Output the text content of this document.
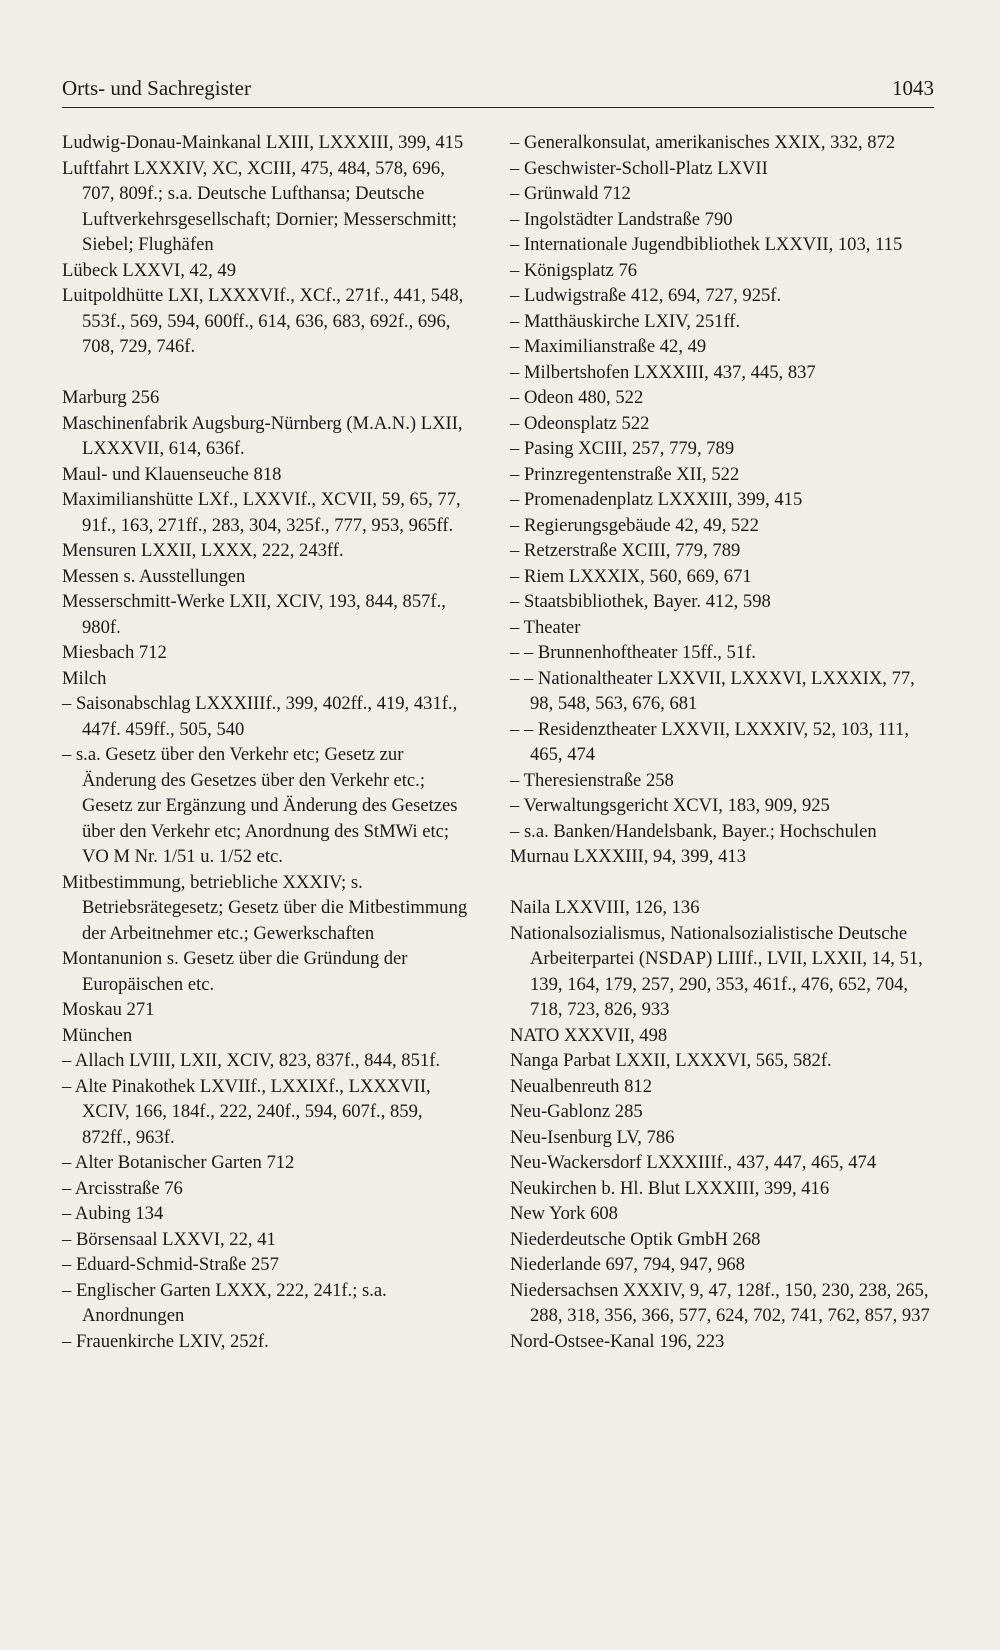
Orts- und Sachregister	1043
Ludwig-Donau-Mainkanal LXIII, LXXXIII, 399, 415
Luftfahrt LXXXIV, XC, XCIII, 475, 484, 578, 696, 707, 809f.; s.a. Deutsche Lufthansa; Deutsche Luftverkehrsgesellschaft; Dornier; Messerschmitt; Siebel; Flughäfen
Lübeck LXXVI, 42, 49
Luitpoldhütte LXI, LXXXVIf., XCf., 271f., 441, 548, 553f., 569, 594, 600ff., 614, 636, 683, 692f., 696, 708, 729, 746f.
Marburg 256
Maschinenfabrik Augsburg-Nürnberg (M.A.N.) LXII, LXXXVII, 614, 636f.
Maul- und Klauenseuche 818
Maximilianshütte LXf., LXXVIf., XCVII, 59, 65, 77, 91f., 163, 271ff., 283, 304, 325f., 777, 953, 965ff.
Mensuren LXXII, LXXX, 222, 243ff.
Messen s. Ausstellungen
Messerschmitt-Werke LXII, XCIV, 193, 844, 857f., 980f.
Miesbach 712
Milch
– Saisonabschlag LXXXIIIf., 399, 402ff., 419, 431f., 447f. 459ff., 505, 540
– s.a. Gesetz über den Verkehr etc; Gesetz zur Änderung des Gesetzes über den Verkehr etc.; Gesetz zur Ergänzung und Änderung des Gesetzes über den Verkehr etc; Anordnung des StMWi etc; VO M Nr. 1/51 u. 1/52 etc.
Mitbestimmung, betriebliche XXXIV; s. Betriebsrätegesetz; Gesetz über die Mitbestimmung der Arbeitnehmer etc.; Gewerkschaften
Montanunion s. Gesetz über die Gründung der Europäischen etc.
Moskau 271
München
– Allach LVIII, LXII, XCIV, 823, 837f., 844, 851f.
– Alte Pinakothek LXVIIf., LXXIXf., LXXXVII, XCIV, 166, 184f., 222, 240f., 594, 607f., 859, 872ff., 963f.
– Alter Botanischer Garten 712
– Arcisstraße 76
– Aubing 134
– Börsensaal LXXVI, 22, 41
– Eduard-Schmid-Straße 257
– Englischer Garten LXXX, 222, 241f.; s.a. Anordnungen
– Frauenkirche LXIV, 252f.
– Generalkonsulat, amerikanisches XXIX, 332, 872
– Geschwister-Scholl-Platz LXVII
– Grünwald 712
– Ingolstädter Landstraße 790
– Internationale Jugendbibliothek LXXVII, 103, 115
– Königsplatz 76
– Ludwigstraße 412, 694, 727, 925f.
– Matthäuskirche LXIV, 251ff.
– Maximilianstraße 42, 49
– Milbertshofen LXXXIII, 437, 445, 837
– Odeon 480, 522
– Odeonsplatz 522
– Pasing XCIII, 257, 779, 789
– Prinzregentenstraße XII, 522
– Promenadenplatz LXXXIII, 399, 415
– Regierungsgebäude 42, 49, 522
– Retzerstraße XCIII, 779, 789
– Riem LXXXIX, 560, 669, 671
– Staatsbibliothek, Bayer. 412, 598
– Theater
– – Brunnenhoftheater 15ff., 51f.
– – Nationaltheater LXXVII, LXXXVI, LXXXIX, 77, 98, 548, 563, 676, 681
– – Residenztheater LXXVII, LXXXIV, 52, 103, 111, 465, 474
– Theresienstraße 258
– Verwaltungsgericht XCVI, 183, 909, 925
– s.a. Banken/Handelsbank, Bayer.; Hochschulen
Murnau LXXXIII, 94, 399, 413
Naila LXXVIII, 126, 136
Nationalsozialismus, Nationalsozialistische Deutsche Arbeiterpartei (NSDAP) LIIIf., LVII, LXXII, 14, 51, 139, 164, 179, 257, 290, 353, 461f., 476, 652, 704, 718, 723, 826, 933
NATO XXXVII, 498
Nanga Parbat LXXII, LXXXVI, 565, 582f.
Neualbenreuth 812
Neu-Gablonz 285
Neu-Isenburg LV, 786
Neu-Wackersdorf LXXXIIIf., 437, 447, 465, 474
Neukirchen b. Hl. Blut LXXXIII, 399, 416
New York 608
Niederdeutsche Optik GmbH 268
Niederlande 697, 794, 947, 968
Niedersachsen XXXIV, 9, 47, 128f., 150, 230, 238, 265, 288, 318, 356, 366, 577, 624, 702, 741, 762, 857, 937
Nord-Ostsee-Kanal 196, 223
